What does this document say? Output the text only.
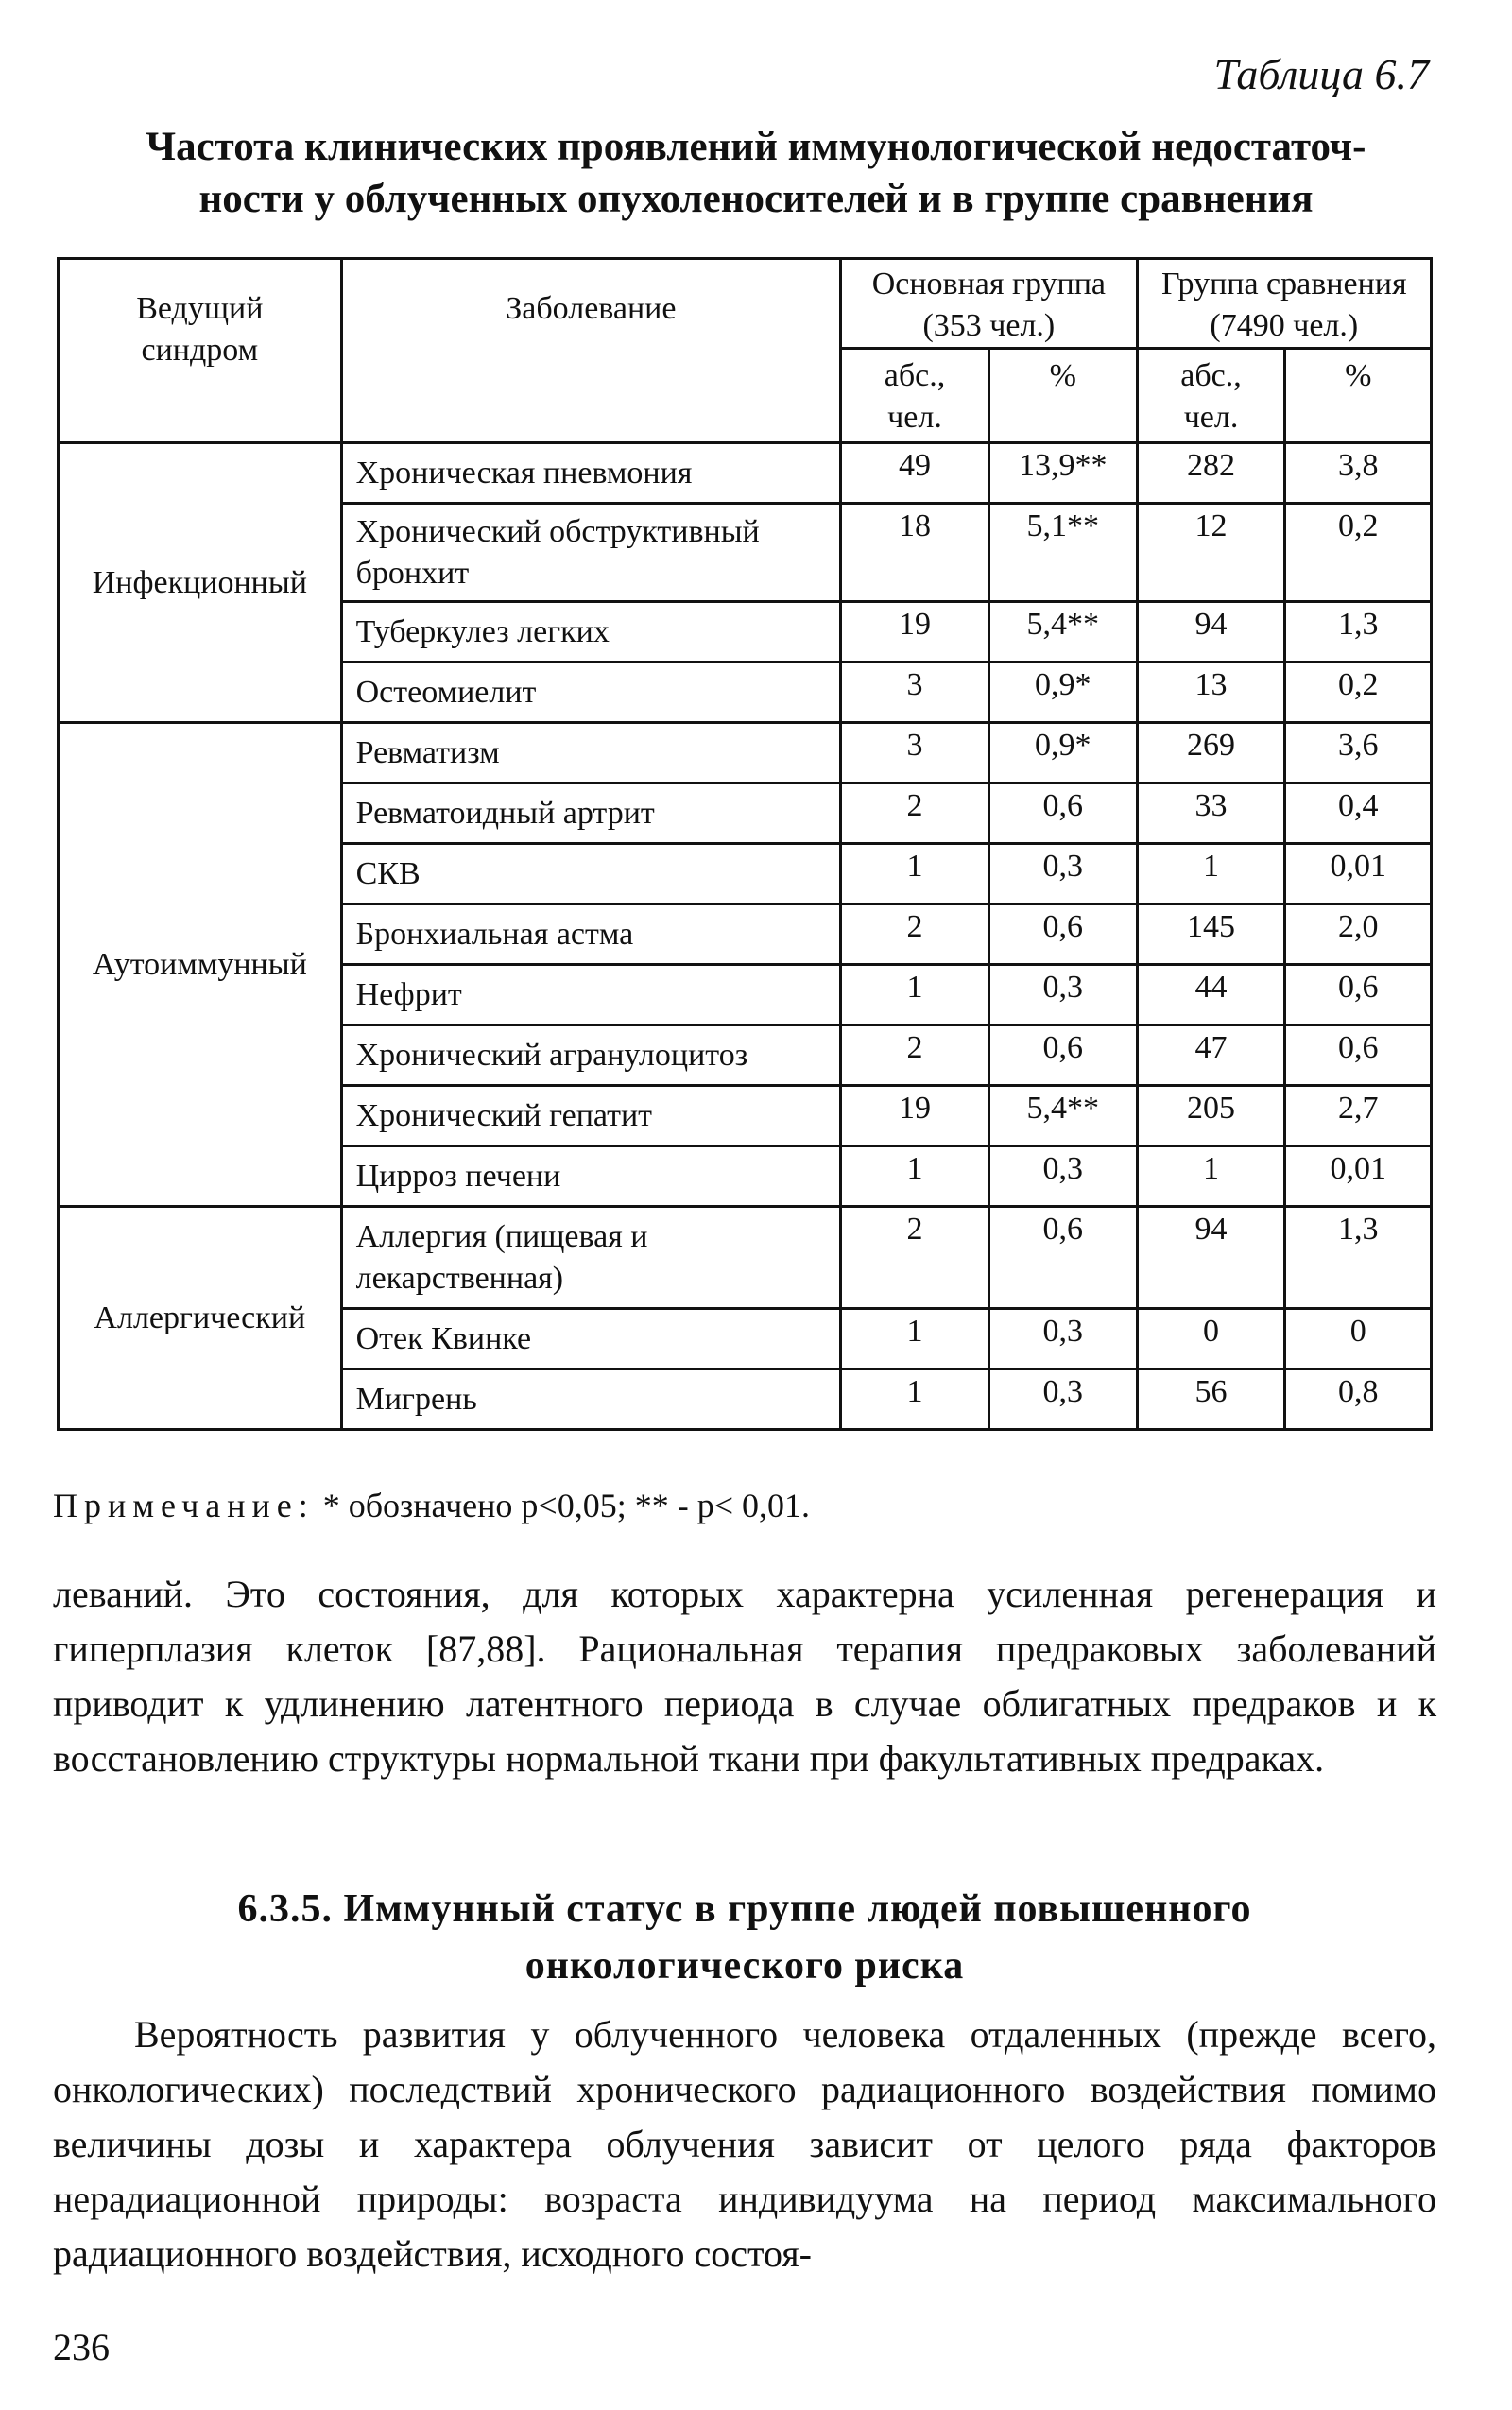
Таблица 6.7
Частота клинических проявлений иммунологической недостаточ-
ности у облученных опухоленосителей и в группе сравнения
Ведущий синдром	Заболевание	Основная группа (353 чел.)		Группа сравнения (7490 чел.)	
		абс., чел.	%	абс., чел.	%
Инфекционный	Хроническая пневмония	49	13,9**	282	3,8
	Хронический обструктивный бронхит	18	5,1**	12	0,2
	Туберкулез легких	19	5,4**	94	1,3
	Остеомиелит	3	0,9*	13	0,2
Аутоиммунный	Ревматизм	3	0,9*	269	3,6
	Ревматоидный артрит	2	0,6	33	0,4
	СКВ	1	0,3	1	0,01
	Бронхиальная астма	2	0,6	145	2,0
	Нефрит	1	0,3	44	0,6
	Хронический агранулоцитоз	2	0,6	47	0,6
	Хронический гепатит	19	5,4**	205	2,7
	Цирроз печени	1	0,3	1	0,01
Аллергический	Аллергия (пищевая и лекарственная)	2	0,6	94	1,3
	Отек Квинке	1	0,3	0	0
	Мигрень	1	0,3	56	0,8
Примечание: * обозначено p<0,05; ** - p< 0,01.
леваний. Это состояния, для которых характерна усиленная регенерация и гиперплазия клеток [87,88]. Рациональная терапия предраковых заболеваний приводит к удлинению латентного периода в случае облигатных предраков и к восстановлению структуры нормальной ткани при факультативных предраках.
6.3.5. Иммунный статус в группе людей повышенного
онкологического риска
Вероятность развития у облученного человека отдаленных (прежде всего, онкологических) последствий хронического радиационного воздействия помимо величины дозы и характера облучения зависит от целого ряда факторов нерадиационной природы: возраста индивидуума на период максимального радиационного воздействия, исходного состоя-
236
